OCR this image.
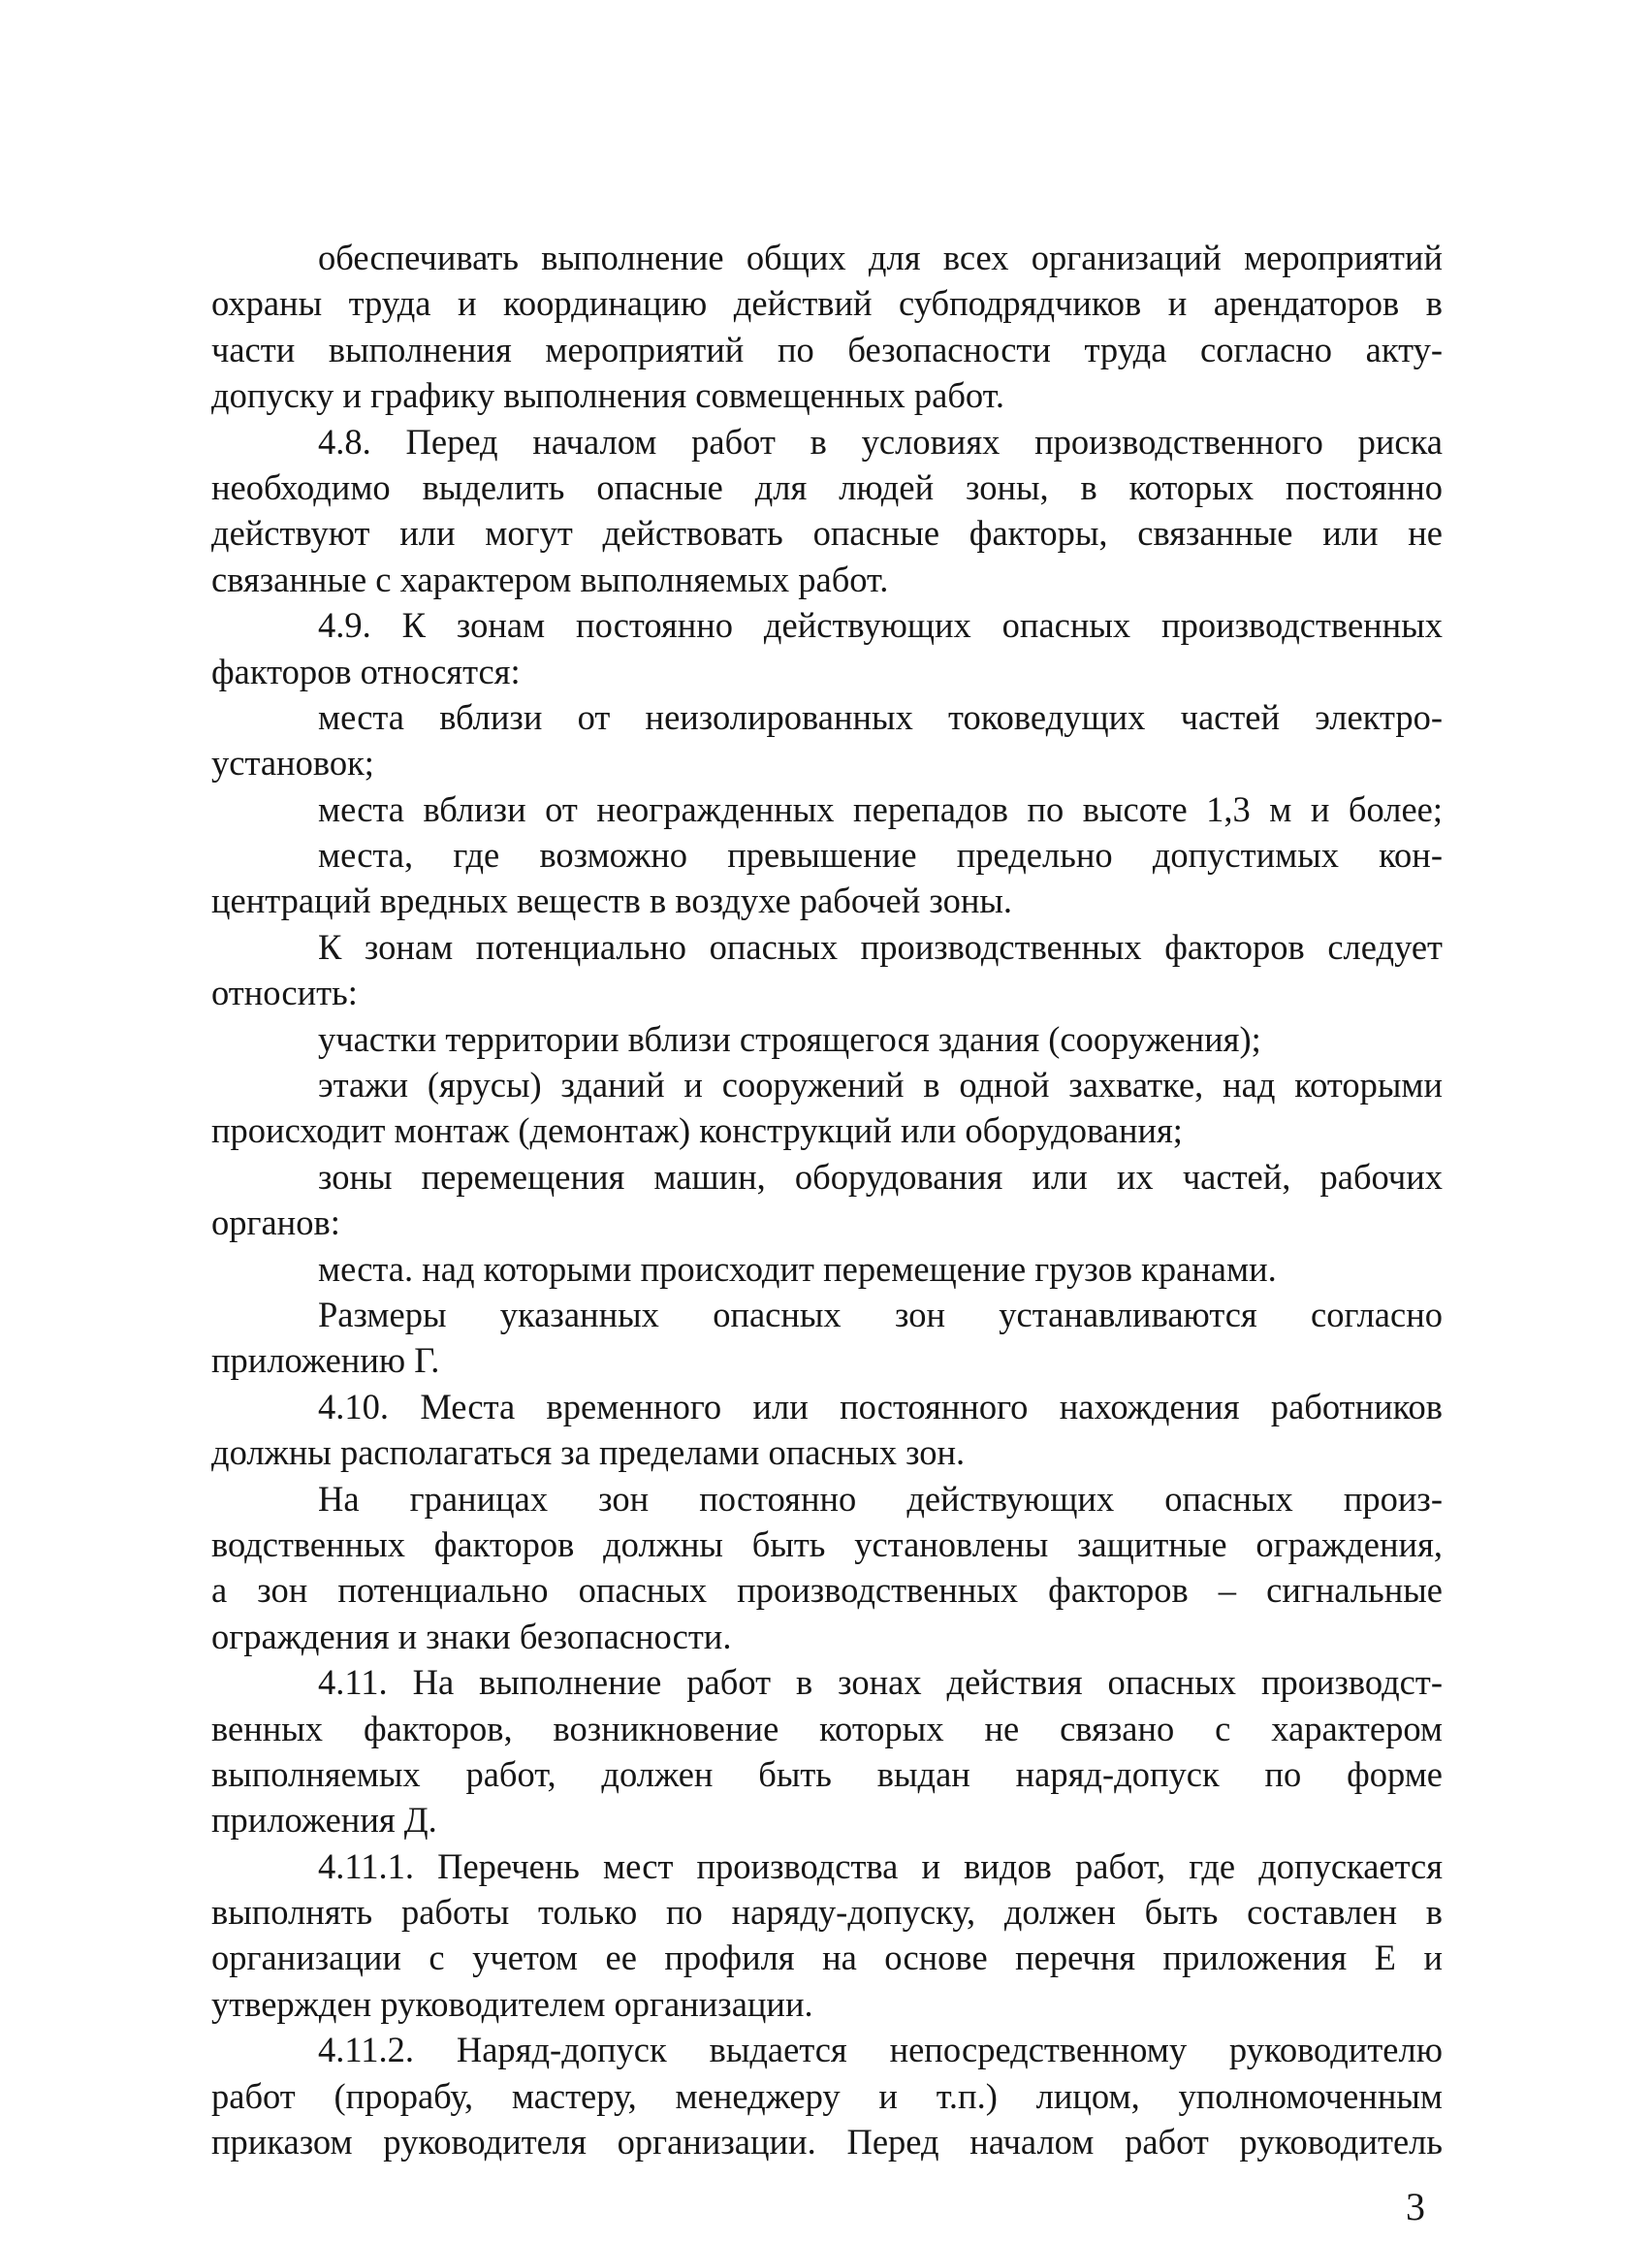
обеспечивать выполнение общих для всех организаций мероприятий
охраны труда и координацию действий субподрядчиков и арендаторов в
части выполнения мероприятий по безопасности труда согласно акту-
допуску и графику выполнения совмещенных работ.
4.8. Перед началом работ в условиях производственного риска
необходимо выделить опасные для людей зоны, в которых постоянно
действуют или могут действовать опасные факторы, связанные или не
связанные с характером выполняемых работ.
4.9. К зонам постоянно действующих опасных производственных
факторов относятся:
места вблизи от неизолированных токоведущих частей электро-
установок;
места вблизи от неогражденных перепадов по высоте 1,3 м и более;
места, где возможно превышение предельно допустимых кон-
центраций вредных веществ в воздухе рабочей зоны.
К зонам потенциально опасных производственных факторов следует
относить:
участки территории вблизи строящегося здания (сооружения);
этажи (ярусы) зданий и сооружений в одной захватке, над которыми
происходит монтаж (демонтаж) конструкций или оборудования;
зоны перемещения машин, оборудования или их частей, рабочих
органов:
места. над которыми происходит перемещение грузов кранами.
Размеры указанных опасных зон устанавливаются согласно
приложению Г.
4.10. Места временного или постоянного нахождения работников
должны располагаться за пределами опасных зон.
На границах зон постоянно действующих опасных произ-
водственных факторов должны быть установлены защитные ограждения,
а зон потенциально опасных производственных факторов – сигнальные
ограждения и знаки безопасности.
4.11. На выполнение работ в зонах действия опасных производст-
венных факторов, возникновение которых не связано с характером
выполняемых работ, должен быть выдан наряд-допуск по форме
приложения Д.
4.11.1. Перечень мест производства и видов работ, где допускается
выполнять работы только по наряду-допуску, должен быть составлен в
организации с учетом ее профиля на основе перечня приложения Е и
утвержден руководителем организации.
4.11.2. Наряд-допуск выдается непосредственному руководителю
работ (прорабу, мастеру, менеджеру и т.п.) лицом, уполномоченным
приказом руководителя организации. Перед началом работ руководитель
3
